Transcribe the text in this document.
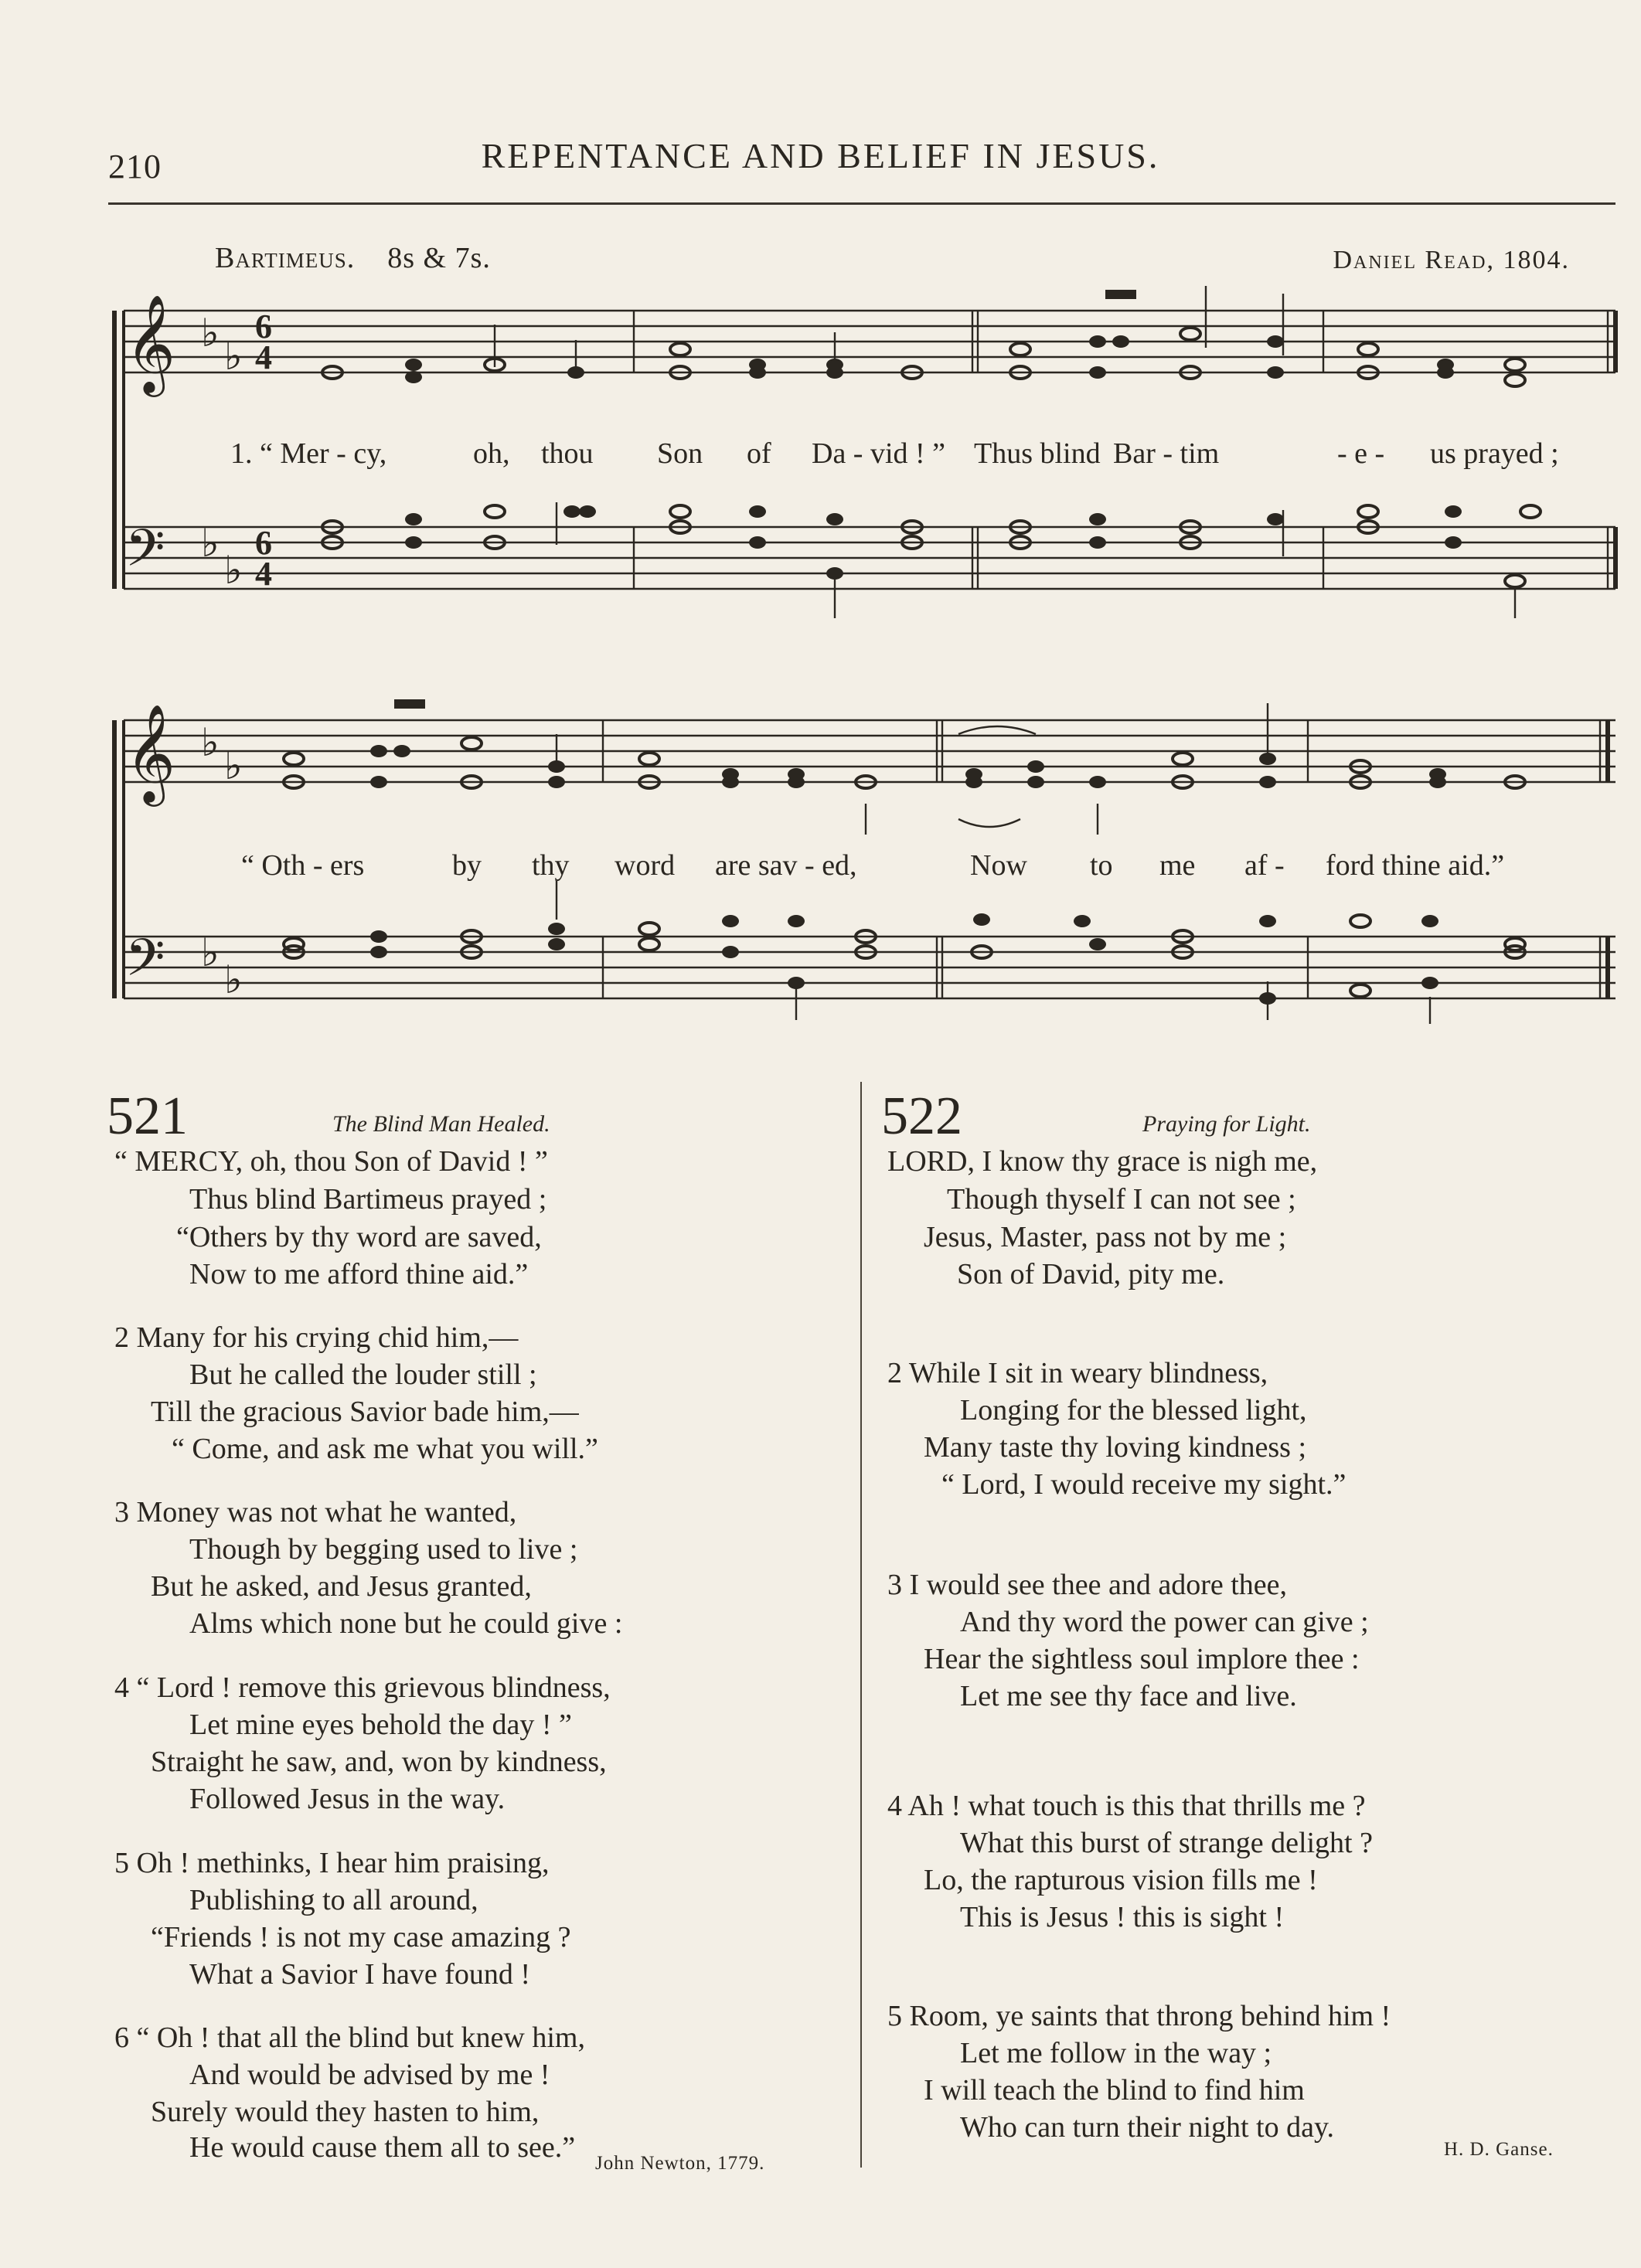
210	REPENTANCE AND BELIEF IN JESUS.
Bartimeus. 8s & 7s.	Daniel Read, 1804.
𝄞
𝄢
♭
♭
6
4
♭
♭
6
4
1. “ Mer - cy,	oh, thou Son of Da - vid ! ” Thus blind Bar - tim	- e - us prayed ;
𝄞
𝄢
♭
♭
♭
♭
“ Oth - ers	by thy word are sav - ed,	Now to me af - ford thine aid.”
521	The Blind Man Healed.
“ MERCY, oh, thou Son of David ! ”
Thus blind Bartimeus prayed ;
“Others by thy word are saved,
Now to me afford thine aid.”
2 Many for his crying chid him,—
But he called the louder still ;
Till the gracious Savior bade him,—
“ Come, and ask me what you will.”
3 Money was not what he wanted,
Though by begging used to live ;
But he asked, and Jesus granted,
Alms which none but he could give :
4 “ Lord ! remove this grievous blindness,
Let mine eyes behold the day ! ”
Straight he saw, and, won by kindness,
Followed Jesus in the way.
5 Oh ! methinks, I hear him praising,
Publishing to all around,
“Friends ! is not my case amazing ?
What a Savior I have found !
6 “ Oh ! that all the blind but knew him,
And would be advised by me !
Surely would they hasten to him,
He would cause them all to see.” John Newton, 1779.
522	Praying for Light.
LORD, I know thy grace is nigh me,
Though thyself I can not see ;
Jesus, Master, pass not by me ;
Son of David, pity me.
2 While I sit in weary blindness,
Longing for the blessed light,
Many taste thy loving kindness ;
“ Lord, I would receive my sight.”
3 I would see thee and adore thee,
And thy word the power can give ;
Hear the sightless soul implore thee :
Let me see thy face and live.
4 Ah ! what touch is this that thrills me ?
What this burst of strange delight ?
Lo, the rapturous vision fills me !
This is Jesus ! this is sight !
5 Room, ye saints that throng behind him !
Let me follow in the way ;
I will teach the blind to find him
Who can turn their night to day.
H. D. Ganse.
